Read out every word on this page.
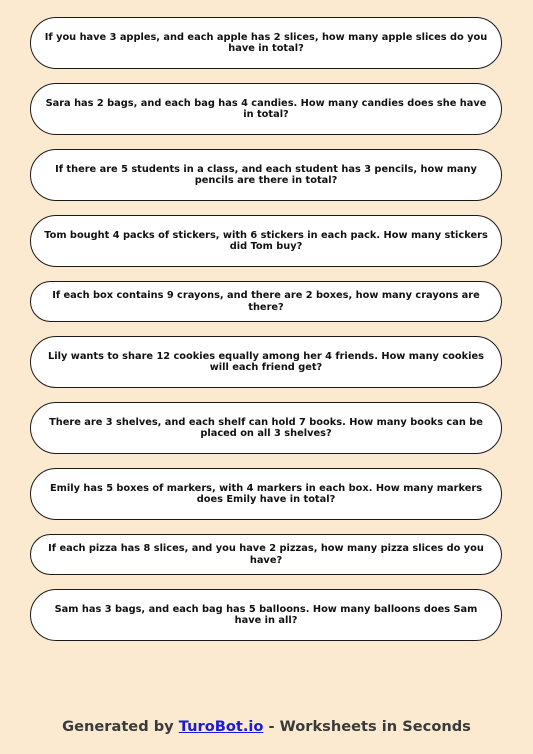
If you have 3 apples, and each apple has 2 slices, how many apple slices do you have in total?
Sara has 2 bags, and each bag has 4 candies. How many candies does she have in total?
If there are 5 students in a class, and each student has 3 pencils, how many pencils are there in total?
Tom bought 4 packs of stickers, with 6 stickers in each pack. How many stickers did Tom buy?
If each box contains 9 crayons, and there are 2 boxes, how many crayons are there?
Lily wants to share 12 cookies equally among her 4 friends. How many cookies will each friend get?
There are 3 shelves, and each shelf can hold 7 books. How many books can be placed on all 3 shelves?
Emily has 5 boxes of markers, with 4 markers in each box. How many markers does Emily have in total?
If each pizza has 8 slices, and you have 2 pizzas, how many pizza slices do you have?
Sam has 3 bags, and each bag has 5 balloons. How many balloons does Sam have in all?
Generated by TuroBot.io - Worksheets in Seconds
